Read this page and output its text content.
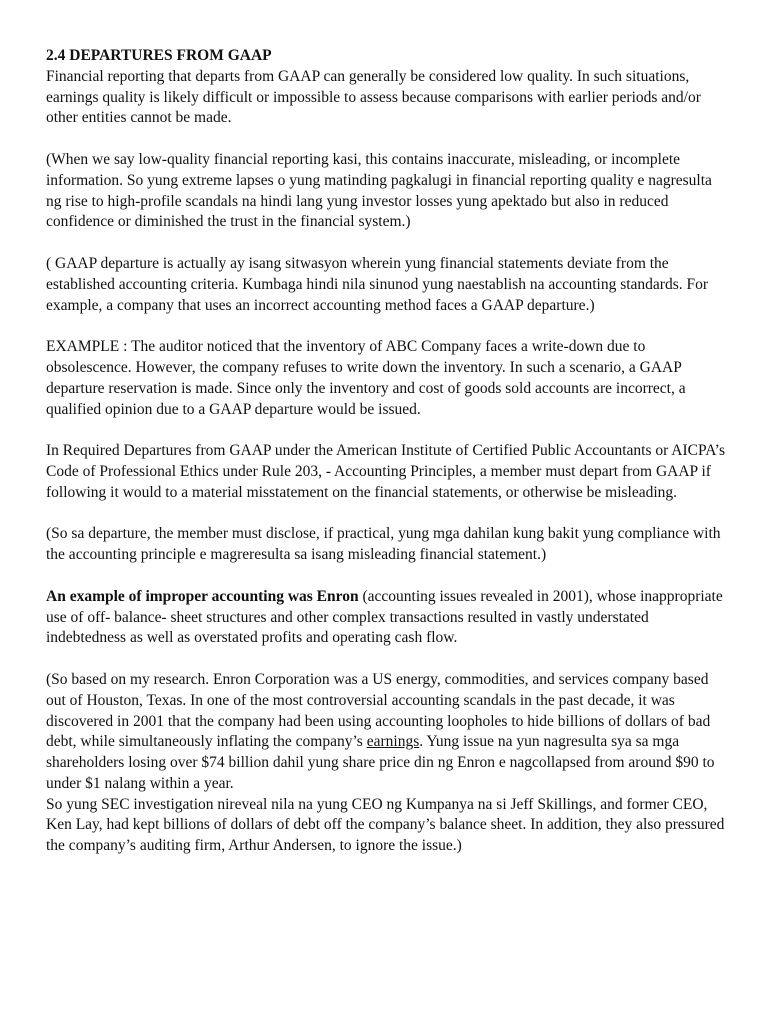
2.4 DEPARTURES FROM GAAP

Financial reporting that departs from GAAP can generally be considered low quality. In such situations, earnings quality is likely difficult or impossible to assess because comparisons with earlier periods and/or other entities cannot be made.

(When we say low-quality financial reporting kasi, this contains inaccurate, misleading, or incomplete information. So yung extreme lapses o yung matinding pagkalugi in financial reporting quality e nagresulta ng rise to high-profile scandals na hindi lang yung investor losses yung apektado but also in reduced confidence or diminished the trust in the financial system.)

( GAAP departure is actually ay isang sitwasyon wherein yung financial statements deviate from the established accounting criteria. Kumbaga hindi nila sinunod yung naestablish na accounting standards. For example, a company that uses an incorrect accounting method faces a GAAP departure.)

EXAMPLE : The auditor noticed that the inventory of ABC Company faces a write-down due to obsolescence. However, the company refuses to write down the inventory. In such a scenario, a GAAP departure reservation is made. Since only the inventory and cost of goods sold accounts are incorrect, a qualified opinion due to a GAAP departure would be issued.

In Required Departures from GAAP under the American Institute of Certified Public Accountants or AICPA’s Code of Professional Ethics under Rule 203, - Accounting Principles, a member must depart from GAAP if following it would to a material misstatement on the financial statements, or otherwise be misleading.

(So sa departure, the member must disclose, if practical, yung mga dahilan kung bakit yung compliance with the accounting principle e magreresulta sa isang misleading financial statement.)

An example of improper accounting was Enron (accounting issues revealed in 2001), whose inappropriate use of off- balance- sheet structures and other complex transactions resulted in vastly understated indebtedness as well as overstated profits and operating cash flow.

(So based on my research. Enron Corporation was a US energy, commodities, and services company based out of Houston, Texas. In one of the most controversial accounting scandals in the past decade, it was discovered in 2001 that the company had been using accounting loopholes to hide billions of dollars of bad debt, while simultaneously inflating the company’s earnings. Yung issue na yun nagresulta sya sa mga shareholders losing over $74 billion dahil yung share price din ng Enron e nagcollapsed from around $90 to under $1 nalang within a year.

So yung SEC investigation nireveal nila na yung CEO ng Kumpanya na si Jeff Skillings, and former CEO, Ken Lay, had kept billions of dollars of debt off the company’s balance sheet. In addition, they also pressured the company’s auditing firm, Arthur Andersen, to ignore the issue.)
